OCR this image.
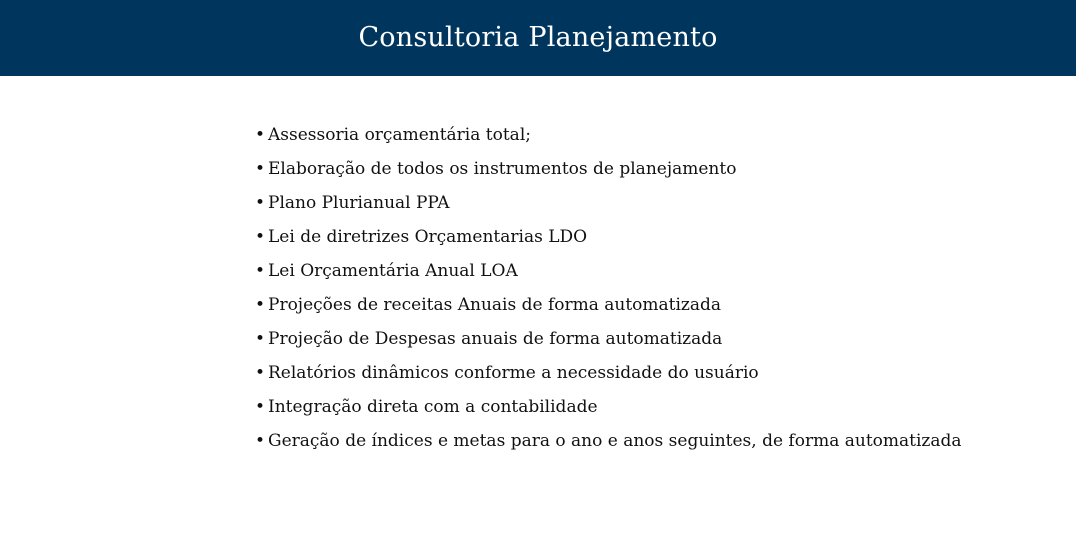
Consultoria Planejamento
• Assessoria orçamentária total;
• Elaboração de todos os instrumentos de planejamento
• Plano Plurianual PPA
• Lei de diretrizes Orçamentarias LDO
• Lei Orçamentária Anual LOA
• Projeções de receitas Anuais de forma automatizada
• Projeção de Despesas anuais de forma automatizada
• Relatórios dinâmicos conforme a necessidade do usuário
• Integração direta com a contabilidade
• Geração de índices e metas para o ano e anos seguintes, de forma automatizada
